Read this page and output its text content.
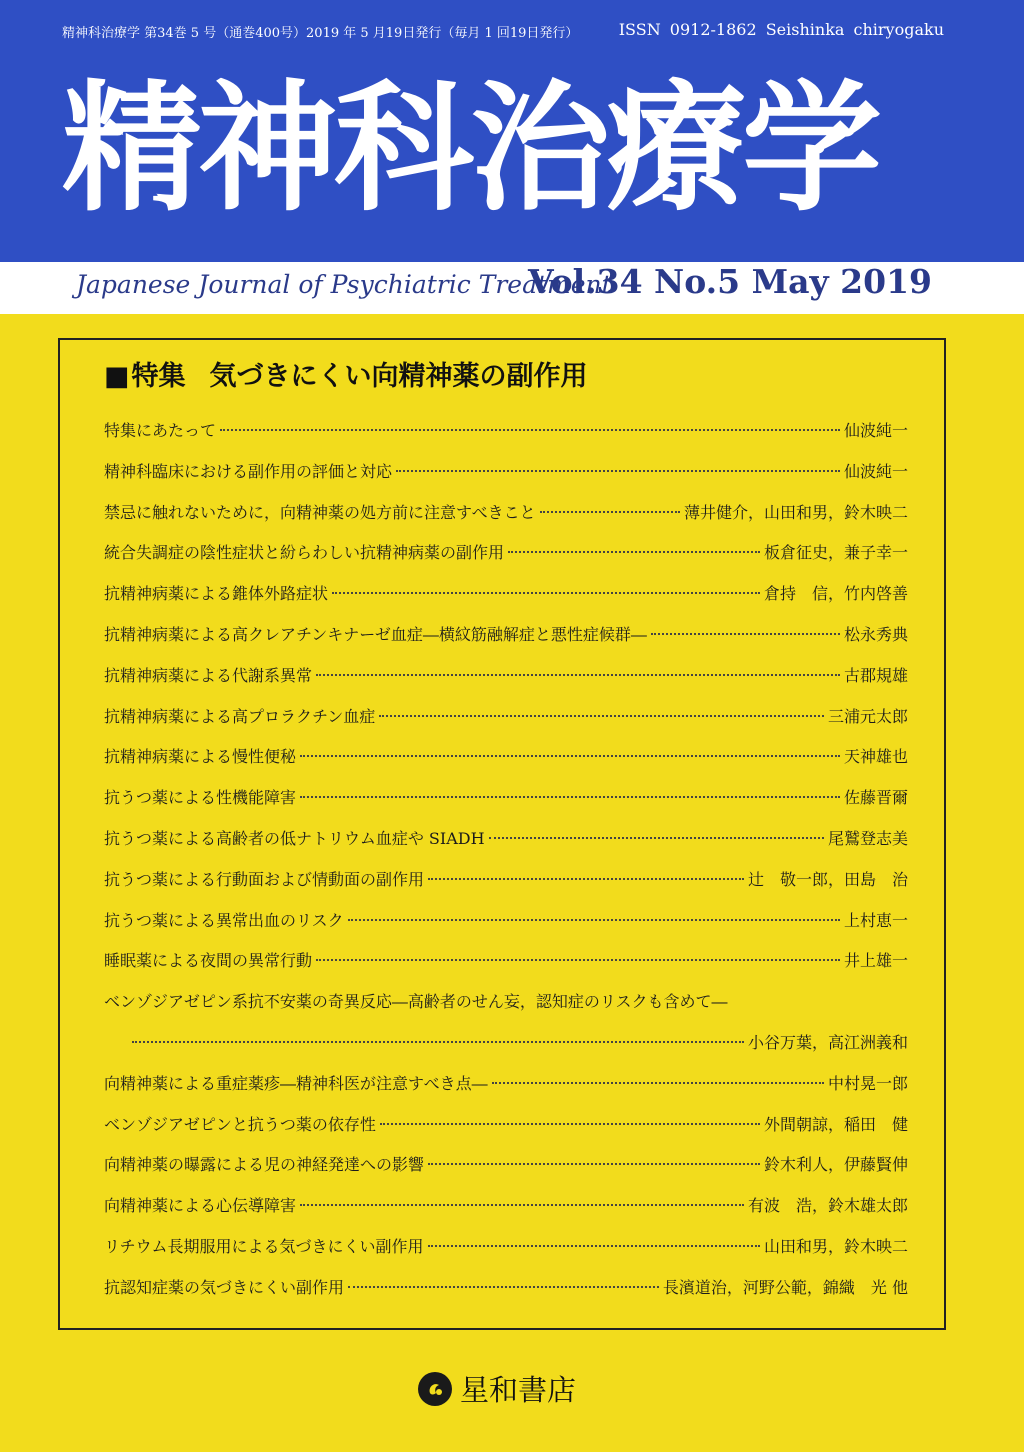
精神科治療学 第34巻 5 号（通巻400号）2019 年 5 月19日発行（毎月 1 回19日発行）	ISSN 0912-1862 Seishinka chiryogaku
精神科治療学
Japanese Journal of Psychiatric Treatment
Vol.34 No.5 May 2019
■特集 気づきにくい向精神薬の副作用
特集にあたって	仙波純一
精神科臨床における副作用の評価と対応	仙波純一
禁忌に触れないために，向精神薬の処方前に注意すべきこと	薄井健介，山田和男，鈴木映二
統合失調症の陰性症状と紛らわしい抗精神病薬の副作用	板倉征史，兼子幸一
抗精神病薬による錐体外路症状	倉持　信，竹内啓善
抗精神病薬による高クレアチンキナーゼ血症―横紋筋融解症と悪性症候群―	松永秀典
抗精神病薬による代謝系異常	古郡規雄
抗精神病薬による高プロラクチン血症	三浦元太郎
抗精神病薬による慢性便秘	天神雄也
抗うつ薬による性機能障害	佐藤晋爾
抗うつ薬による高齢者の低ナトリウム血症や SIADH	尾鷲登志美
抗うつ薬による行動面および情動面の副作用	辻　敬一郎，田島　治
抗うつ薬による異常出血のリスク	上村恵一
睡眠薬による夜間の異常行動	井上雄一
ベンゾジアゼピン系抗不安薬の奇異反応―高齢者のせん妄，認知症のリスクも含めて―
小谷万葉，高江洲義和
向精神薬による重症薬疹―精神科医が注意すべき点―	中村晃一郎
ベンゾジアゼピンと抗うつ薬の依存性	外間朝諒，稲田　健
向精神薬の曝露による児の神経発達への影響	鈴木利人，伊藤賢伸
向精神薬による心伝導障害	有波　浩，鈴木雄太郎
リチウム長期服用による気づきにくい副作用	山田和男，鈴木映二
抗認知症薬の気づきにくい副作用	長濱道治，河野公範，錦織　光 他
星和書店
